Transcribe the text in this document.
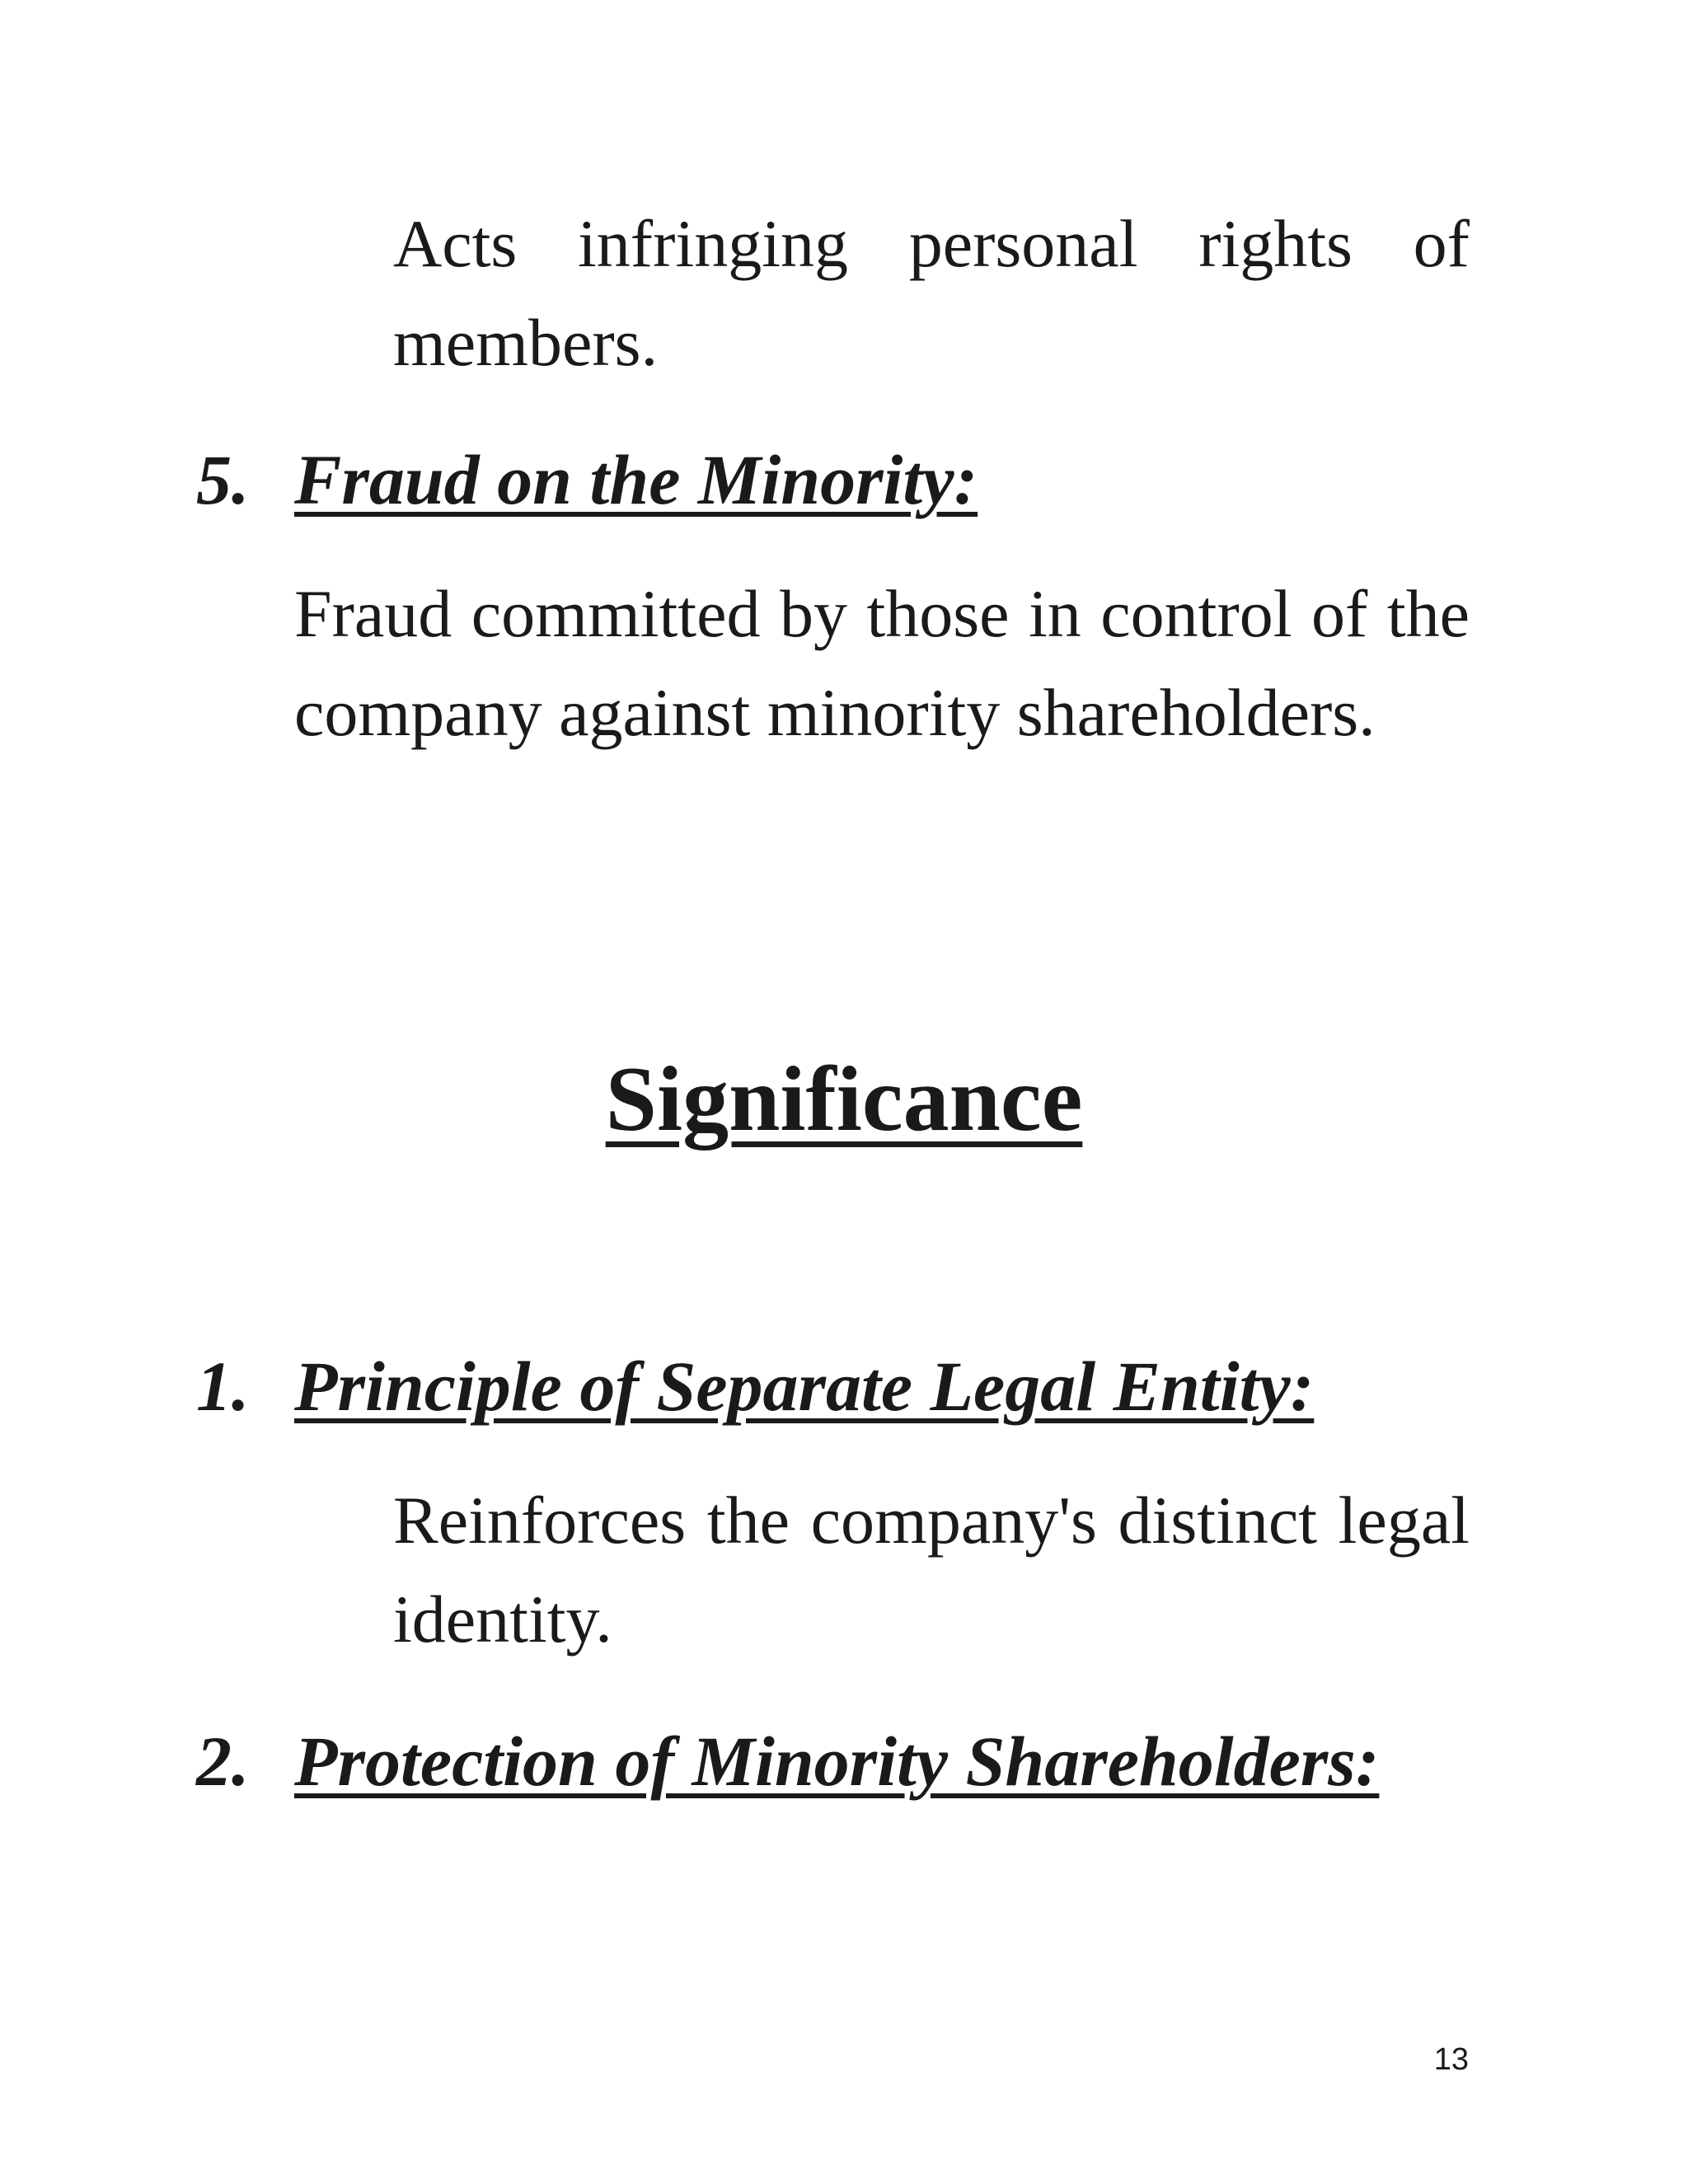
Acts infringing personal rights of members.

5. Fraud on the Minority:

Fraud committed by those in control of the company against minority shareholders.

Significance
1. Principle of Separate Legal Entity:

Reinforces the company's distinct legal identity.

2. Protection of Minority Shareholders:
13
